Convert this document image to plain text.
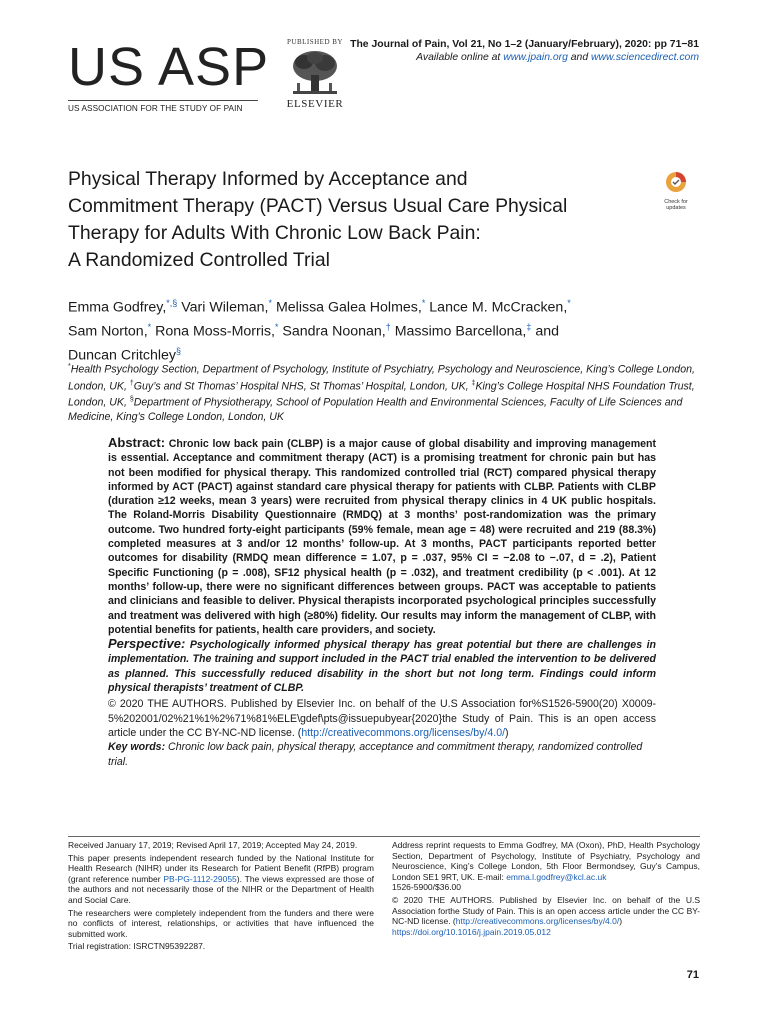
US ASP
US ASSOCIATION FOR THE STUDY OF PAIN
PUBLISHED BY
ELSEVIER
The Journal of Pain, Vol 21, No 1–2 (January/February), 2020: pp 71−81
Available online at www.jpain.org and www.sciencedirect.com
Physical Therapy Informed by Acceptance and
Commitment Therapy (PACT) Versus Usual Care Physical
Therapy for Adults With Chronic Low Back Pain:
A Randomized Controlled Trial
Check for
updates
Emma Godfrey,*,§ Vari Wileman,* Melissa Galea Holmes,* Lance M. McCracken,*
Sam Norton,* Rona Moss-Morris,* Sandra Noonan,† Massimo Barcellona,‡ and
Duncan Critchley§
*Health Psychology Section, Department of Psychology, Institute of Psychiatry, Psychology and Neuroscience, King’s College London, London, UK, †Guy’s and St Thomas’ Hospital NHS, St Thomas’ Hospital, London, UK, ‡King’s College Hospital NHS Foundation Trust, London, UK, §Department of Physiotherapy, School of Population Health and Environmental Sciences, Faculty of Life Sciences and Medicine, King’s College London, London, UK

Abstract: Chronic low back pain (CLBP) is a major cause of global disability and improving management is essential. Acceptance and commitment therapy (ACT) is a promising treatment for chronic pain but has not been modified for physical therapy. This randomized controlled trial (RCT) compared physical therapy informed by ACT (PACT) against standard care physical therapy for patients with CLBP. Patients with CLBP (duration ≥12 weeks, mean 3 years) were recruited from physical therapy clinics in 4 UK public hospitals. The Roland-Morris Disability Questionnaire (RMDQ) at 3 months’ post-randomization was the primary outcome. Two hundred forty-eight participants (59% female, mean age = 48) were recruited and 219 (88.3%) completed measures at 3 and/or 12 months’ follow-up. At 3 months, PACT participants reported better outcomes for disability (RMDQ mean difference = 1.07, p = .037, 95% CI = −2.08 to −.07, d = .2), Patient Specific Functioning (p = .008), SF12 physical health (p = .032), and treatment credibility (p < .001). At 12 months’ follow-up, there were no significant differences between groups. PACT was acceptable to patients and clinicians and feasible to deliver. Physical therapists incorporated psychological principles successfully and treatment was delivered with high (≥80%) fidelity. Our results may inform the management of CLBP, with potential benefits for patients, health care providers, and society.

Perspective: Psychologically informed physical therapy has great potential but there are challenges in implementation. The training and support included in the PACT trial enabled the intervention to be delivered as planned. This successfully reduced disability in the short but not long term. Findings could inform physical therapists’ treatment of CLBP.

© 2020 THE AUTHORS. Published by Elsevier Inc. on behalf of the U.S Association for%S1526-5900(20) X0009-5%202001/02%21%1%2%71%81%ELE\gdef\pts@issuepubyear{2020}the Study of Pain. This is an open access article under the CC BY-NC-ND license. (http://creativecommons.org/licenses/by/4.0/)

Key words: Chronic low back pain, physical therapy, acceptance and commitment therapy, randomized controlled trial.

Received January 17, 2019; Revised April 17, 2019; Accepted May 24, 2019.

This paper presents independent research funded by the National Institute for Health Research (NIHR) under its Research for Patient Benefit (RfPB) program (grant reference number PB-PG-1112-29055). The views expressed are those of the authors and not necessarily those of the NIHR or the Department of Health and Social Care.

The researchers were completely independent from the funders and there were no conflicts of interest, relationships, or activities that have influenced the submitted work.

Trial registration: ISRCTN95392287.

Address reprint requests to Emma Godfrey, MA (Oxon), PhD, Health Psychology Section, Department of Psychology, Institute of Psychiatry, Psychology and Neuroscience, King’s College London, 5th Floor Bermondsey, Guy’s Campus, London SE1 9RT, UK. E-mail: emma.l.godfrey@kcl.ac.uk
1526-5900/$36.00

© 2020 THE AUTHORS. Published by Elsevier Inc. on behalf of the U.S Association forthe Study of Pain. This is an open access article under the CC BY-NC-ND license. (http://creativecommons.org/licenses/by/4.0/)
https://doi.org/10.1016/j.jpain.2019.05.012

71
